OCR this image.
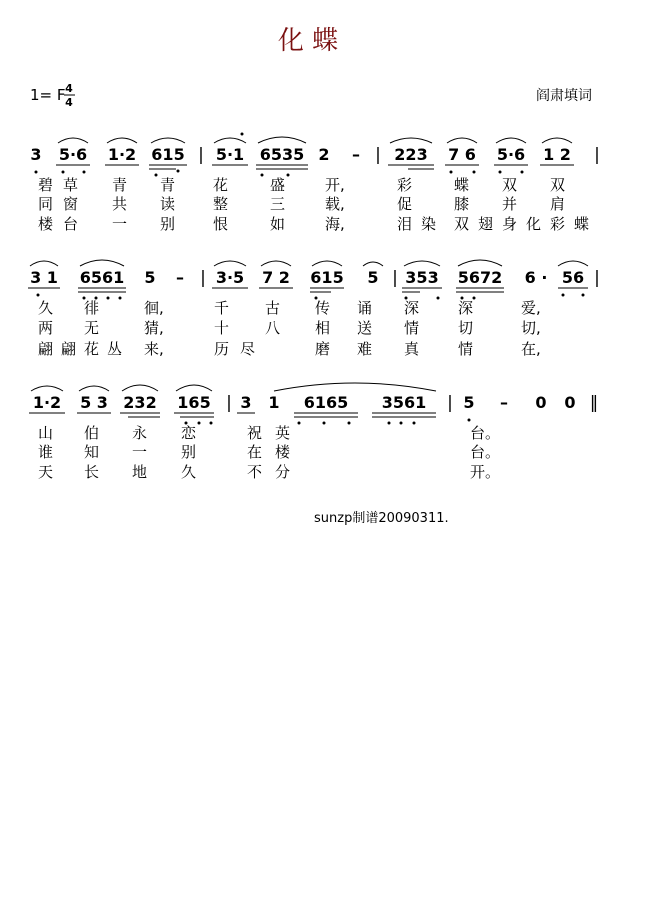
化 蝶
1= F 4
4	阎肃填词
3 5·6 1·2 615 | 5·1 6535 2 – | 223 7 6 5·6 1 2 |
碧 草 青 青	花	盛	开,	彩	蝶 双 双
同 窗 共 读	整	三	载,	促	膝 并 肩
楼 台 一 别	恨	如	海,	泪 染 双 翅 身 化 彩 蝶
3 1 6561 5 – | 3·5 7 2 615 5 | 353 5672 6 · 56 |
久 徘	徊,	千 古 传 诵 深	深	爱,
两 无	猜,	十 八 相 送 情	切	切,
翩 翩 花 丛 来,	历 尽	磨 难 真	情	在,
1·2 5 3 232 165 | 3 1 6165 3561 | 5 – 0 0 ‖
山 伯 永 恋	祝 英	台。
谁 知 一 别	在 楼	台。
天 长 地 久	不 分	开。
sunzp制谱20090311.
